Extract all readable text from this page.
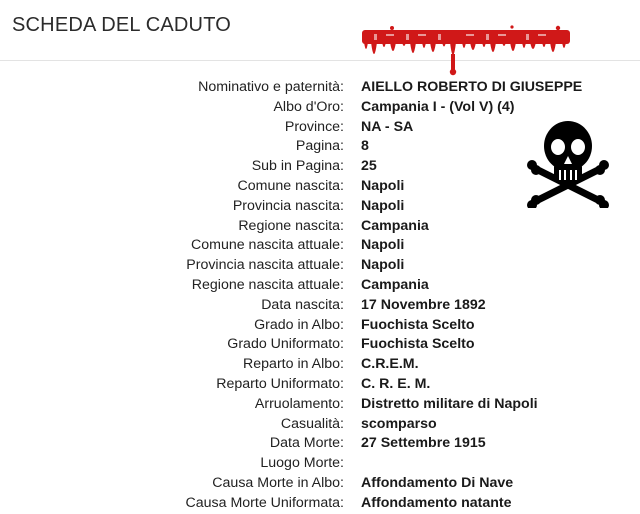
SCHEDA DEL CADUTO
Nominativo e paternità: AIELLO ROBERTO DI GIUSEPPE
Albo d'Oro: Campania I - (Vol V) (4)
Province: NA - SA
Pagina: 8
Sub in Pagina: 25
Comune nascita: Napoli
Provincia nascita: Napoli
Regione nascita: Campania
Comune nascita attuale: Napoli
Provincia nascita attuale: Napoli
Regione nascita attuale: Campania
Data nascita: 17 Novembre 1892
Grado in Albo: Fuochista Scelto
Grado Uniformato: Fuochista Scelto
Reparto in Albo: C.R.E.M.
Reparto Uniformato: C. R. E. M.
Arruolamento: Distretto militare di Napoli
Casualità: scomparso
Data Morte: 27 Settembre 1915
Luogo Morte:
Causa Morte in Albo: Affondamento Di Nave
Causa Morte Uniformata: Affondamento natante
